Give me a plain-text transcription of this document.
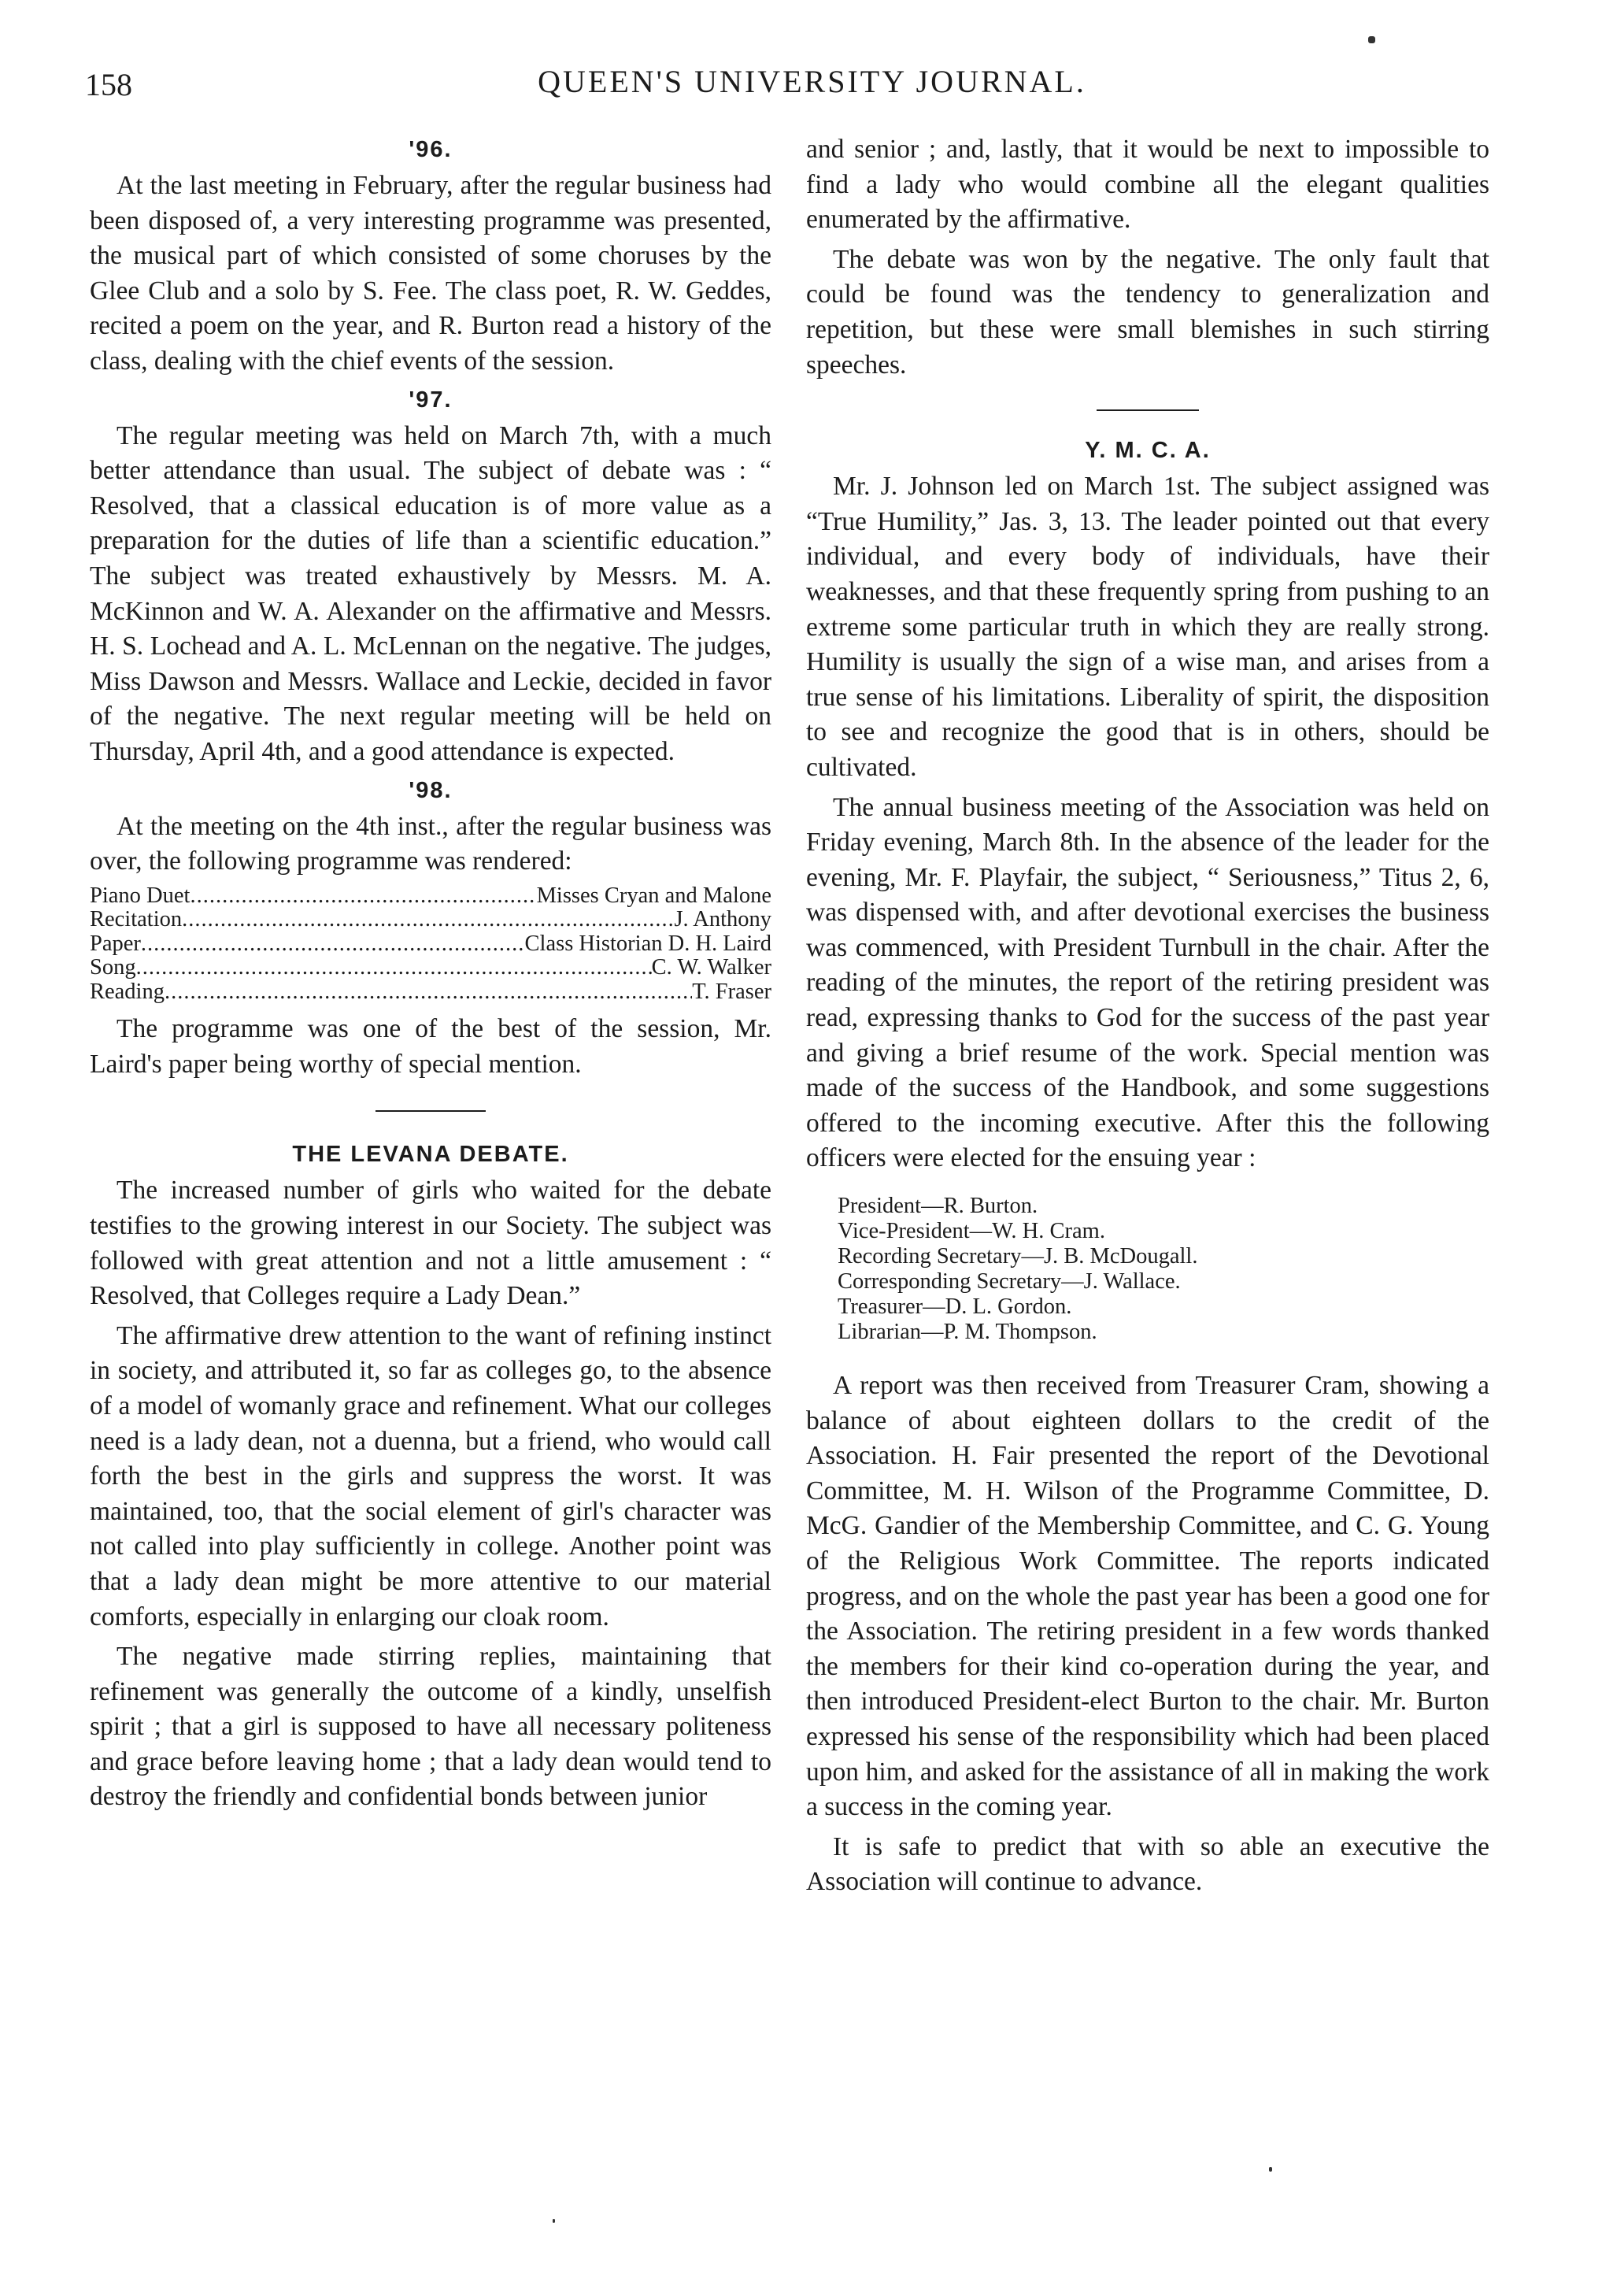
158	QUEEN'S UNIVERSITY JOURNAL.
'96.

At the last meeting in February, after the regular business had been disposed of, a very interesting programme was presented, the musical part of which consisted of some choruses by the Glee Club and a solo by S. Fee. The class poet, R. W. Geddes, recited a poem on the year, and R. Burton read a history of the class, dealing with the chief events of the session.

'97.

The regular meeting was held on March 7th, with a much better attendance than usual. The subject of debate was : “ Resolved, that a classical education is of more value as a preparation for the duties of life than a scientific education.” The subject was treated exhaustively by Messrs. M. A. McKinnon and W. A. Alexander on the affirmative and Messrs. H. S. Lochead and A. L. McLennan on the negative. The judges, Miss Dawson and Messrs. Wallace and Leckie, decided in favor of the negative. The next regular meeting will be held on Thursday, April 4th, and a good attendance is expected.

'98.

At the meeting on the 4th inst., after the regular business was over, the following programme was rendered:

Piano Duet .....	Misses Cryan and Malone
Recitation .....	J. Anthony
Paper .....	Class Historian D. H. Laird
Song .....	C. W. Walker
Reading .....	T. Fraser

The programme was one of the best of the session, Mr. Laird's paper being worthy of special mention.

THE LEVANA DEBATE.

The increased number of girls who waited for the debate testifies to the growing interest in our Society. The subject was followed with great attention and not a little amusement : “ Resolved, that Colleges require a Lady Dean.”

The affirmative drew attention to the want of refining instinct in society, and attributed it, so far as colleges go, to the absence of a model of womanly grace and refinement. What our colleges need is a lady dean, not a duenna, but a friend, who would call forth the best in the girls and suppress the worst. It was maintained, too, that the social element of girl's character was not called into play sufficiently in college. Another point was that a lady dean might be more attentive to our material comforts, especially in enlarging our cloak room.

The negative made stirring replies, maintaining that refinement was generally the outcome of a kindly, unselfish spirit ; that a girl is supposed to have all necessary politeness and grace before leaving home ; that a lady dean would tend to destroy the friendly and confidential bonds between junior

and senior ; and, lastly, that it would be next to impossible to find a lady who would combine all the elegant qualities enumerated by the affirmative.

The debate was won by the negative. The only fault that could be found was the tendency to generalization and repetition, but these were small blemishes in such stirring speeches.

Y. M. C. A.

Mr. J. Johnson led on March 1st. The subject assigned was “True Humility,” Jas. 3, 13. The leader pointed out that every individual, and every body of individuals, have their weaknesses, and that these frequently spring from pushing to an extreme some particular truth in which they are really strong. Humility is usually the sign of a wise man, and arises from a true sense of his limitations. Liberality of spirit, the disposition to see and recognize the good that is in others, should be cultivated.

The annual business meeting of the Association was held on Friday evening, March 8th. In the absence of the leader for the evening, Mr. F. Playfair, the subject, “ Seriousness,” Titus 2, 6, was dispensed with, and after devotional exercises the business was commenced, with President Turnbull in the chair. After the reading of the minutes, the report of the retiring president was read, expressing thanks to God for the success of the past year and giving a brief resume of the work. Special mention was made of the success of the Handbook, and some suggestions offered to the incoming executive. After this the following officers were elected for the ensuing year :

President—R. Burton.
Vice-President—W. H. Cram.
Recording Secretary—J. B. McDougall.
Corresponding Secretary—J. Wallace.
Treasurer—D. L. Gordon.
Librarian—P. M. Thompson.

A report was then received from Treasurer Cram, showing a balance of about eighteen dollars to the credit of the Association. H. Fair presented the report of the Devotional Committee, M. H. Wilson of the Programme Committee, D. McG. Gandier of the Membership Committee, and C. G. Young of the Religious Work Committee. The reports indicated progress, and on the whole the past year has been a good one for the Association. The retiring president in a few words thanked the members for their kind co-operation during the year, and then introduced President-elect Burton to the chair. Mr. Burton expressed his sense of the responsibility which had been placed upon him, and asked for the assistance of all in making the work a success in the coming year.

It is safe to predict that with so able an executive the Association will continue to advance.
